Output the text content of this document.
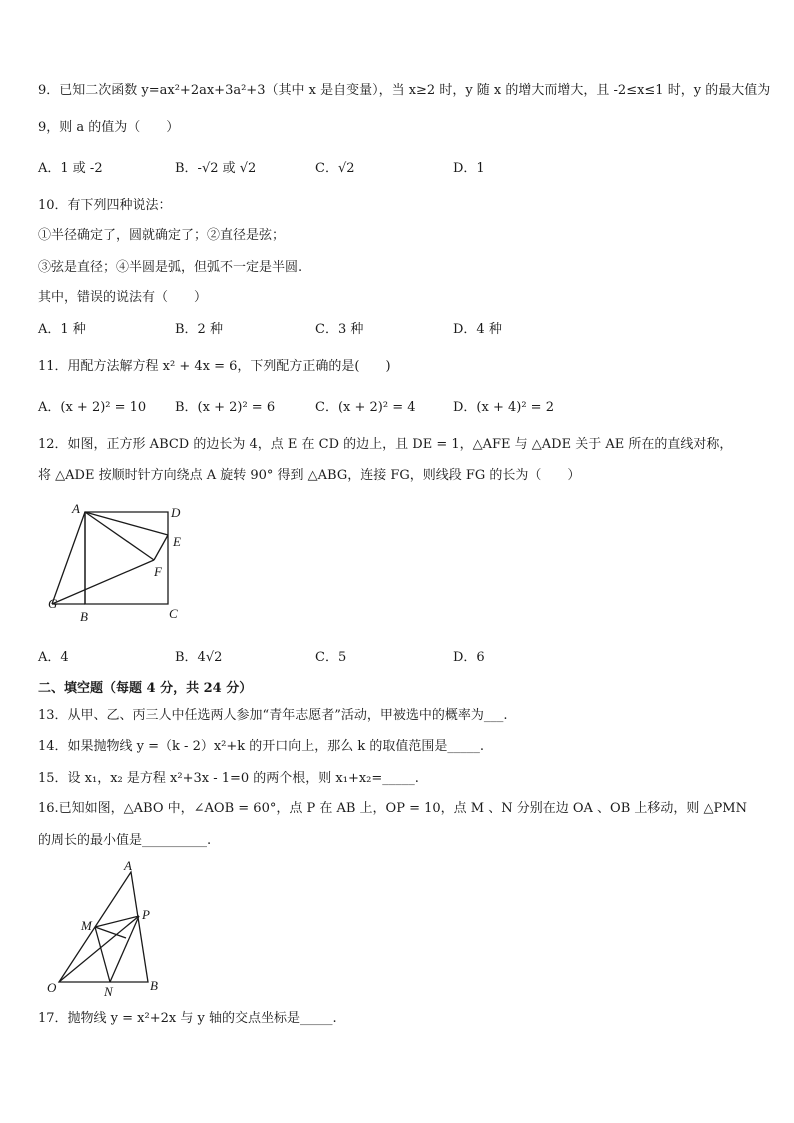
9．已知二次函数 y=ax²+2ax+3a²+3（其中 x 是自变量），当 x≥2 时，y 随 x 的增大而增大，且 -2≤x≤1 时，y 的最大值为
9，则 a 的值为（　　）
A．1 或 -2	B．-√2 或 √2	C．√2	D．1
10．有下列四种说法：
①半径确定了，圆就确定了；②直径是弦；
③弦是直径；④半圆是弧，但弧不一定是半圆.
其中，错误的说法有（　　）
A．1 种	B．2 种	C．3 种	D．4 种
11．用配方法解方程 x² + 4x = 6，下列配方正确的是(　　)
A．(x + 2)² = 10 B．(x + 2)² = 6	C．(x + 2)² = 4	D．(x + 4)² = 2
12．如图，正方形 ABCD 的边长为 4，点 E 在 CD 的边上，且 DE = 1，△AFE 与 △ADE 关于 AE 所在的直线对称，
将 △ADE 按顺时针方向绕点 A 旋转 90° 得到 △ABG，连接 FG，则线段 FG 的长为（　　）
A	D
E
F
G
B	C
A．4	B．4√2	C．5	D．6
二、填空题（每题 4 分，共 24 分）
13．从甲、乙、丙三人中任选两人参加“青年志愿者”活动，甲被选中的概率为___.
14．如果抛物线 y =（k - 2）x²+k 的开口向上，那么 k 的取值范围是_____.
15．设 x₁，x₂ 是方程 x²+3x - 1=0 的两个根，则 x₁+x₂=_____.
16.已知如图，△ABO 中，∠AOB = 60°，点 P 在 AB 上，OP = 10，点 M 、N 分别在边 OA 、OB 上移动，则 △PMN
的周长的最小值是__________.
A
M
P
O	N	B
17．抛物线 y = x²+2x 与 y 轴的交点坐标是_____.
